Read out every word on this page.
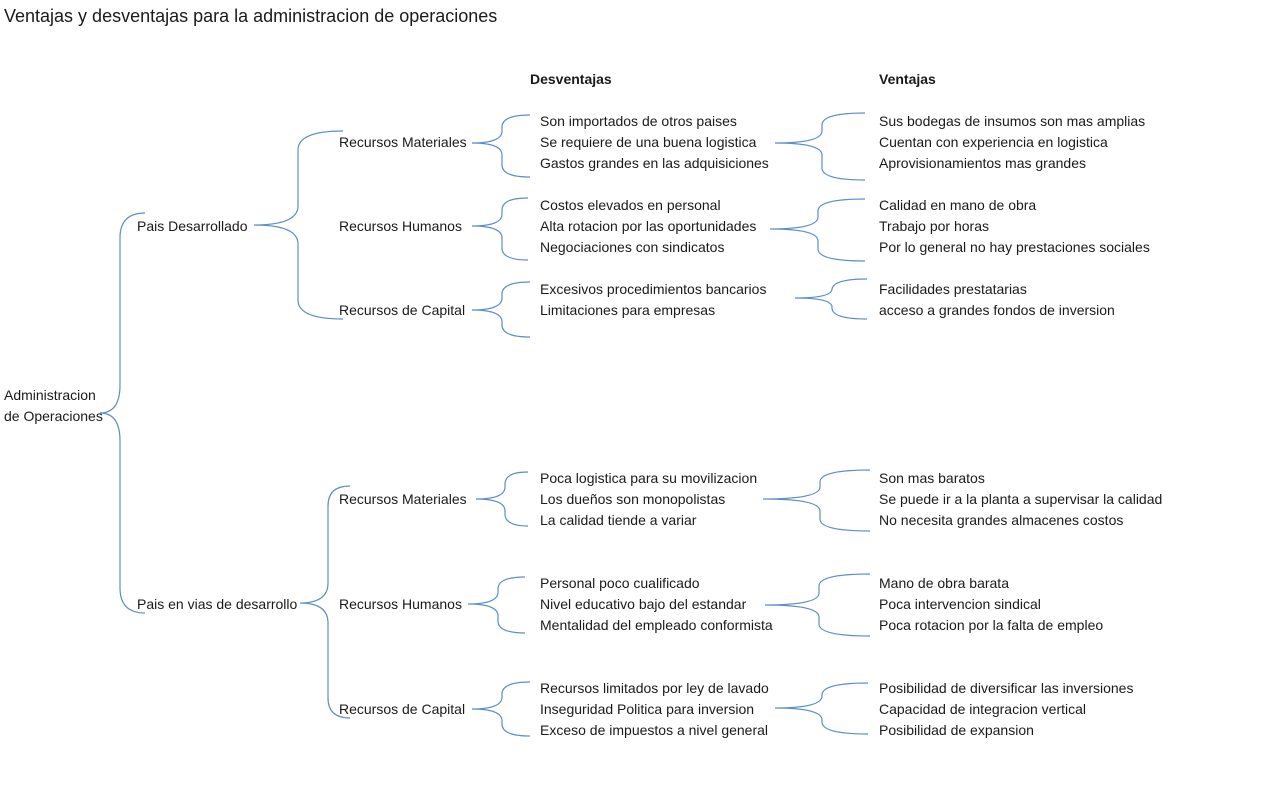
Ventajas y desventajas para la administracion de operaciones
Desventajas	Ventajas
Administracion
de Operaciones
Pais Desarrollado
Recursos Materiales
Son importados de otros paises
Se requiere de una buena logistica
Gastos grandes en las adquisiciones
Sus bodegas de insumos son mas amplias
Cuentan con experiencia en logistica
Aprovisionamientos mas grandes
Recursos Humanos
Costos elevados en personal
Alta rotacion por las oportunidades
Negociaciones con sindicatos
Calidad en mano de obra
Trabajo por horas
Por lo general no hay prestaciones sociales
Recursos de Capital
Excesivos procedimientos bancarios
Limitaciones para empresas
Facilidades prestatarias
acceso a grandes fondos de inversion
Pais en vias de desarrollo
Recursos Materiales
Poca logistica para su movilizacion
Los dueños son monopolistas
La calidad tiende a variar
Son mas baratos
Se puede ir a la planta a supervisar la calidad
No necesita grandes almacenes costos
Recursos Humanos
Personal poco cualificado
Nivel educativo bajo del estandar
Mentalidad del empleado conformista
Mano de obra barata
Poca intervencion sindical
Poca rotacion por la falta de empleo
Recursos de Capital
Recursos limitados por ley de lavado
Inseguridad Politica para inversion
Exceso de impuestos a nivel general
Posibilidad de diversificar las inversiones
Capacidad de integracion vertical
Posibilidad de expansion
